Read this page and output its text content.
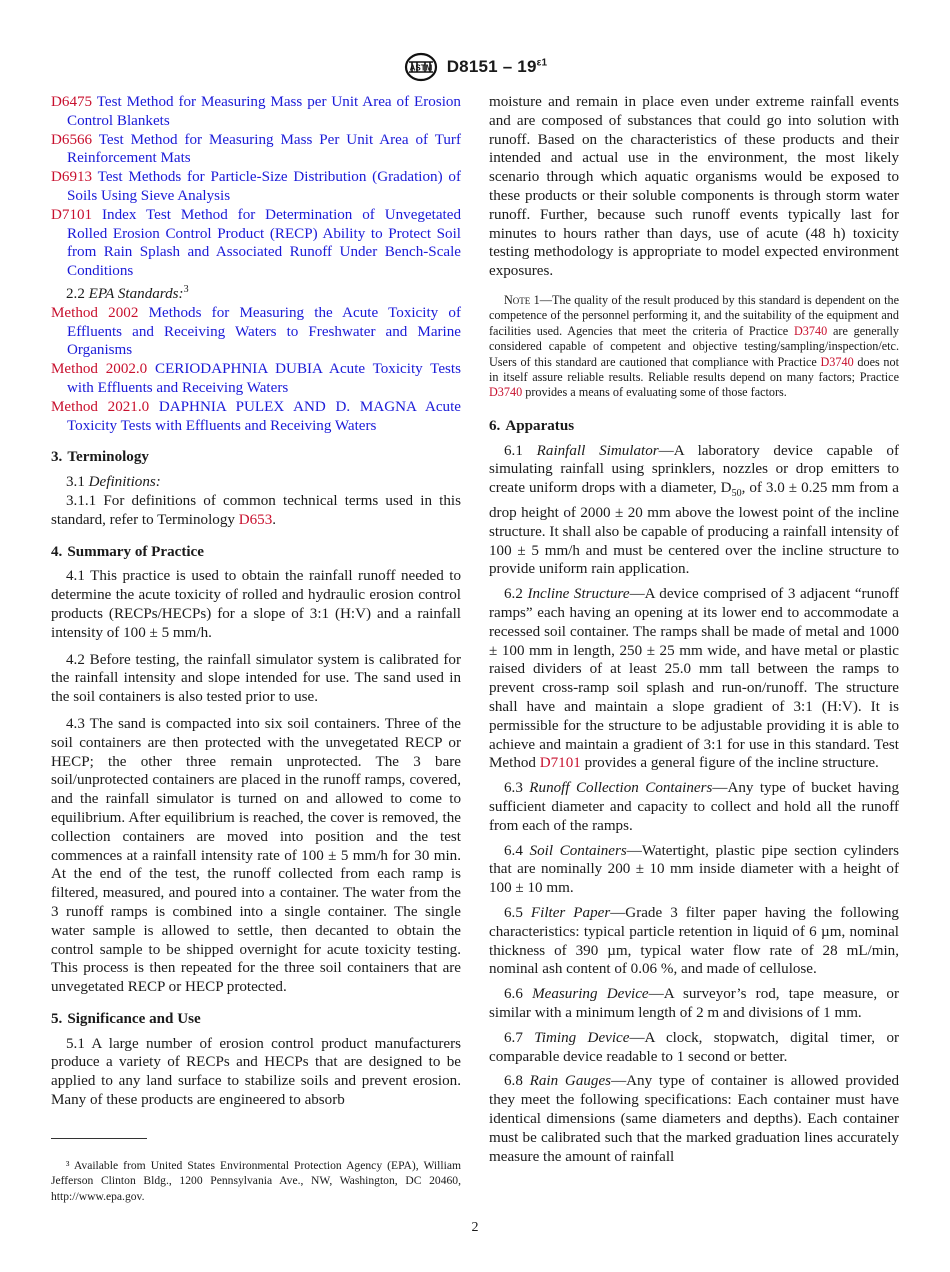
ASTM $D8151 - 19^{\varepsilon 1}$

D6475 Test Method for Measuring Mass per Unit Area of Erosion Control Blankets

D6566 Test Method for Measuring Mass Per Unit Area of Turf Reinforcement Mats

D6913 Test Methods for Particle-Size Distribution (Gradation) of Soils Using Sieve Analysis

D7101 Index Test Method for Determination of Unvegetated Rolled Erosion Control Product (RECP) Ability to Protect Soil from Rain Splash and Associated Runoff Under Bench-Scale Conditions

2.2 EPA Standards:$^3$

Method 2002 Methods for Measuring the Acute Toxicity of Effluents and Receiving Waters to Freshwater and Marine Organisms

Method 2002.0 CERIODAPHNIA DUBIA Acute Toxicity Tests with Effluents and Receiving Waters

Method 2021.0 DAPHNIA PULEX AND D. MAGNA Acute Toxicity Tests with Effluents and Receiving Waters

3. Terminology

3.1 Definitions:

3.1.1 For definitions of common technical terms used in this standard, refer to Terminology D653.

4. Summary of Practice

4.1 This practice is used to obtain the rainfall runoff needed to determine the acute toxicity of rolled and hydraulic erosion control products (RECPs/HECPs) for a slope of 3:1 (H:V) and a rainfall intensity of 100 ± 5 mm/h.

4.2 Before testing, the rainfall simulator system is calibrated for the rainfall intensity and slope intended for use. The sand used in the soil containers is also tested prior to use.

4.3 The sand is compacted into six soil containers. Three of the soil containers are then protected with the unvegetated RECP or HECP; the other three remain unprotected. The 3 bare soil/unprotected containers are placed in the runoff ramps, covered, and the rainfall simulator is turned on and allowed to come to equilibrium. After equilibrium is reached, the cover is removed, the collection containers are moved into position and the test commences at a rainfall intensity rate of 100 ± 5 mm/h for 30 min. At the end of the test, the runoff collected from each ramp is filtered, measured, and poured into a container. The water from the 3 runoff ramps is combined into a single container. The single water sample is allowed to settle, then decanted to obtain the control sample to be shipped overnight for acute toxicity testing. This process is then repeated for the three soil containers that are unvegetated RECP or HECP protected.

5. Significance and Use

5.1 A large number of erosion control product manufacturers produce a variety of RECPs and HECPs that are designed to be applied to any land surface to stabilize soils and prevent erosion. Many of these products are engineered to absorb

³ Available from United States Environmental Protection Agency (EPA), William Jefferson Clinton Bldg., 1200 Pennsylvania Ave., NW, Washington, DC 20460, http://www.epa.gov.

moisture and remain in place even under extreme rainfall events and are composed of substances that could go into solution with runoff. Based on the characteristics of these products and their intended and actual use in the environment, the most likely scenario through which aquatic organisms would be exposed to these products or their soluble components is through storm water runoff. Further, because such runoff events typically last for minutes to hours rather than days, use of acute (48 h) toxicity testing methodology is appropriate to model expected environment exposures.

Note 1—The quality of the result produced by this standard is dependent on the competence of the personnel performing it, and the suitability of the equipment and facilities used. Agencies that meet the criteria of Practice D3740 are generally considered capable of competent and objective testing/sampling/inspection/etc. Users of this standard are cautioned that compliance with Practice D3740 does not in itself assure reliable results. Reliable results depend on many factors; Practice D3740 provides a means of evaluating some of those factors.

6. Apparatus

6.1 Rainfall Simulator—A laboratory device capable of simulating rainfall using sprinklers, nozzles or drop emitters to create uniform drops with a diameter, $D_{50}$, of 3.0 ± 0.25 mm from a drop height of 2000 ± 20 mm above the lowest point of the incline structure. It shall also be capable of producing a rainfall intensity of 100 ± 5 mm/h and must be centered over the incline structure to provide uniform rain application.

6.2 Incline Structure—A device comprised of 3 adjacent “runoff ramps” each having an opening at its lower end to accommodate a recessed soil container. The ramps shall be made of metal and 1000 ± 100 mm in length, 250 ± 25 mm wide, and have metal or plastic raised dividers of at least 25.0 mm tall between the ramps to prevent cross-ramp soil splash and run-on/runoff. The structure shall have and maintain a slope gradient of 3:1 (H:V). It is permissible for the structure to be adjustable providing it is able to achieve and maintain a gradient of 3:1 for use in this standard. Test Method D7101 provides a general figure of the incline structure.

6.3 Runoff Collection Containers—Any type of bucket having sufficient diameter and capacity to collect and hold all the runoff from each of the ramps.

6.4 Soil Containers—Watertight, plastic pipe section cylinders that are nominally 200 ± 10 mm inside diameter with a height of 100 ± 10 mm.

6.5 Filter Paper—Grade 3 filter paper having the following characteristics: typical particle retention in liquid of 6 µm, nominal thickness of 390 µm, typical water flow rate of 28 mL/min, nominal ash content of 0.06 %, and made of cellulose.

6.6 Measuring Device—A surveyor’s rod, tape measure, or similar with a minimum length of 2 m and divisions of 1 mm.

6.7 Timing Device—A clock, stopwatch, digital timer, or comparable device readable to 1 second or better.

6.8 Rain Gauges—Any type of container is allowed provided they meet the following specifications: Each container must have identical dimensions (same diameters and depths). Each container must be calibrated such that the marked graduation lines accurately measure the amount of rainfall

2
